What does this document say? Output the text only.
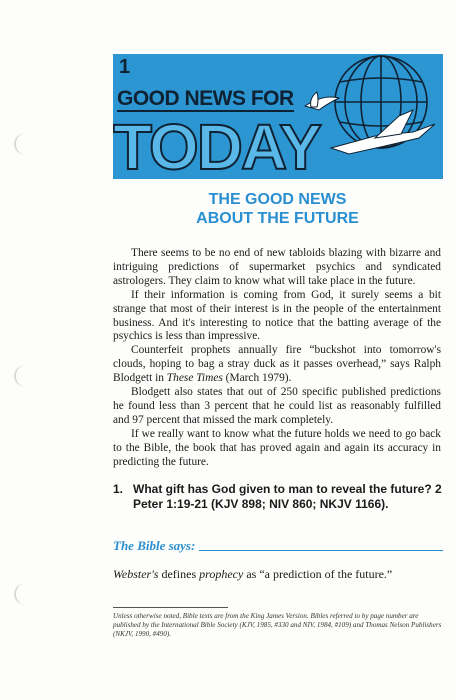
1
GOOD NEWS FOR
TODAY
THE GOOD NEWS
ABOUT THE FUTURE

There seems to be no end of new tabloids blazing with bizarre and intriguing predictions of supermarket psychics and syndicated astrologers. They claim to know what will take place in the future.

If their information is coming from God, it surely seems a bit strange that most of their interest is in the people of the entertainment business. And it's interesting to notice that the batting average of the psychics is less than impressive.

Counterfeit prophets annually fire “buckshot into tomorrow's clouds, hoping to bag a stray duck as it passes overhead,” says Ralph Blodgett in These Times (March 1979).

Blodgett also states that out of 250 specific published predictions he found less than 3 percent that he could list as reasonably fulfilled and 97 percent that missed the mark completely.

If we really want to know what the future holds we need to go back to the Bible, the book that has proved again and again its accuracy in predicting the future.

1. What gift has God given to man to reveal the future? 2 Peter 1:19-21 (KJV 898; NIV 860; NKJV 1166).
The Bible says:
Webster's defines prophecy as “a prediction of the future.”
Unless otherwise noted, Bible texts are from the King James Version. Bibles referred to by page number are published by the International Bible Society (KJV, 1985, #330 and NIV, 1984, #109) and Thomas Nelson Publishers (NKJV, 1990, #490).
